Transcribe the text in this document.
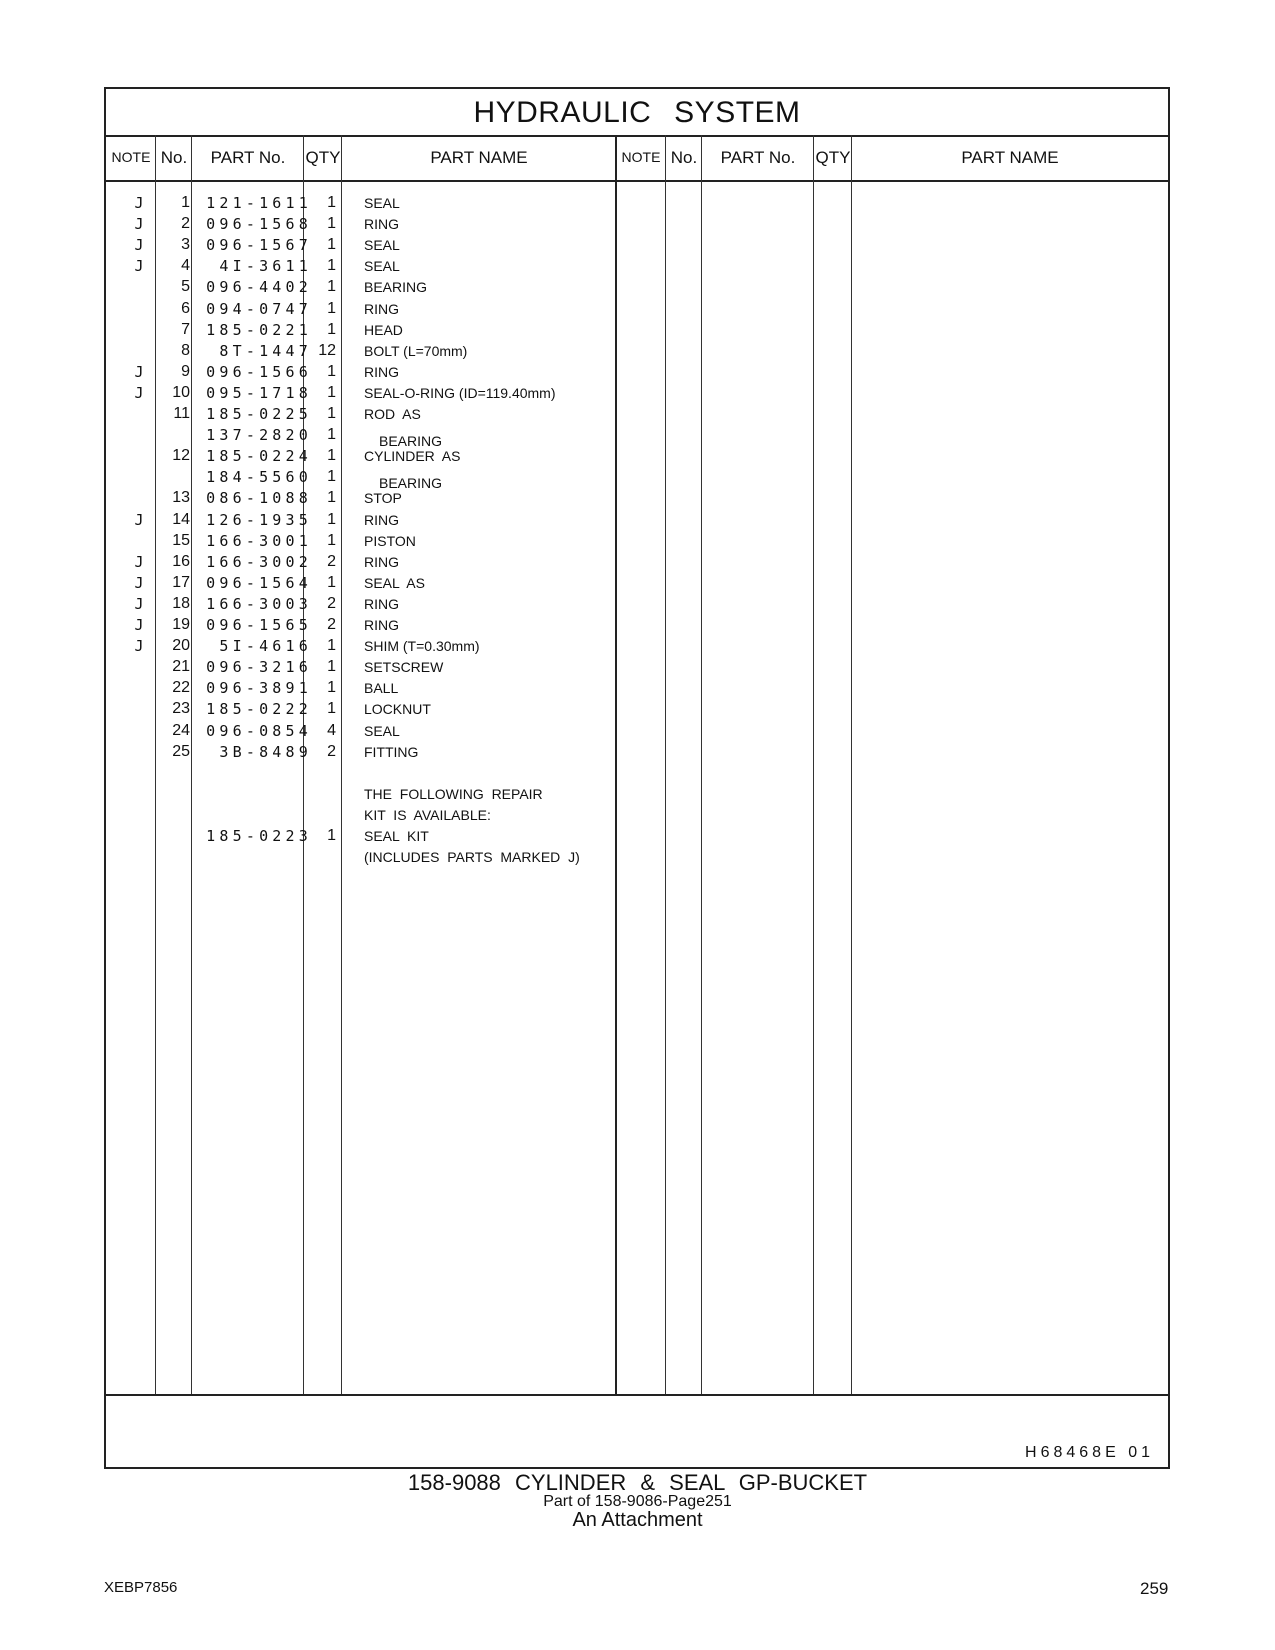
HYDRAULIC SYSTEM
NOTE No.	PART No.	QTY	PART NAME	NOTE No.	PART No.	QTY	PART NAME
J	1 121-1611 1 SEAL
J	2 096-1568 1 RING
J	3 096-1567 1 SEAL
J	4	4I-3611 1 SEAL
5 096-4402 1 BEARING
6 094-0747 1 RING
7 185-0221 1 HEAD
8	8T-1447 12 BOLT (L=70mm)
J	9 096-1566 1 RING
J	10 095-1718 1 SEAL-O-RING (ID=119.40mm)
11 185-0225 1 ROD  AS
137-2820 1	BEARING
12 185-0224 1 CYLINDER  AS
184-5560 1	BEARING
13 086-1088 1 STOP
J	14 126-1935 1 RING
15 166-3001 1 PISTON
J	16 166-3002 2 RING
J	17 096-1564 1 SEAL  AS
J	18 166-3003 2 RING
J	19 096-1565 2 RING
J	20	5I-4616 1 SHIM (T=0.30mm)
21 096-3216 1 SETSCREW
22 096-3891 1 BALL
23 185-0222 1 LOCKNUT
24 096-0854 4 SEAL
25	3B-8489 2 FITTING
THE  FOLLOWING  REPAIR
KIT  IS  AVAILABLE:
185-0223 1 SEAL  KIT
(INCLUDES  PARTS  MARKED  J)
H68468E 01
158-9088 CYLINDER & SEAL GP-BUCKET
Part of 158-9086-Page251
An Attachment
XEBP7856	259
